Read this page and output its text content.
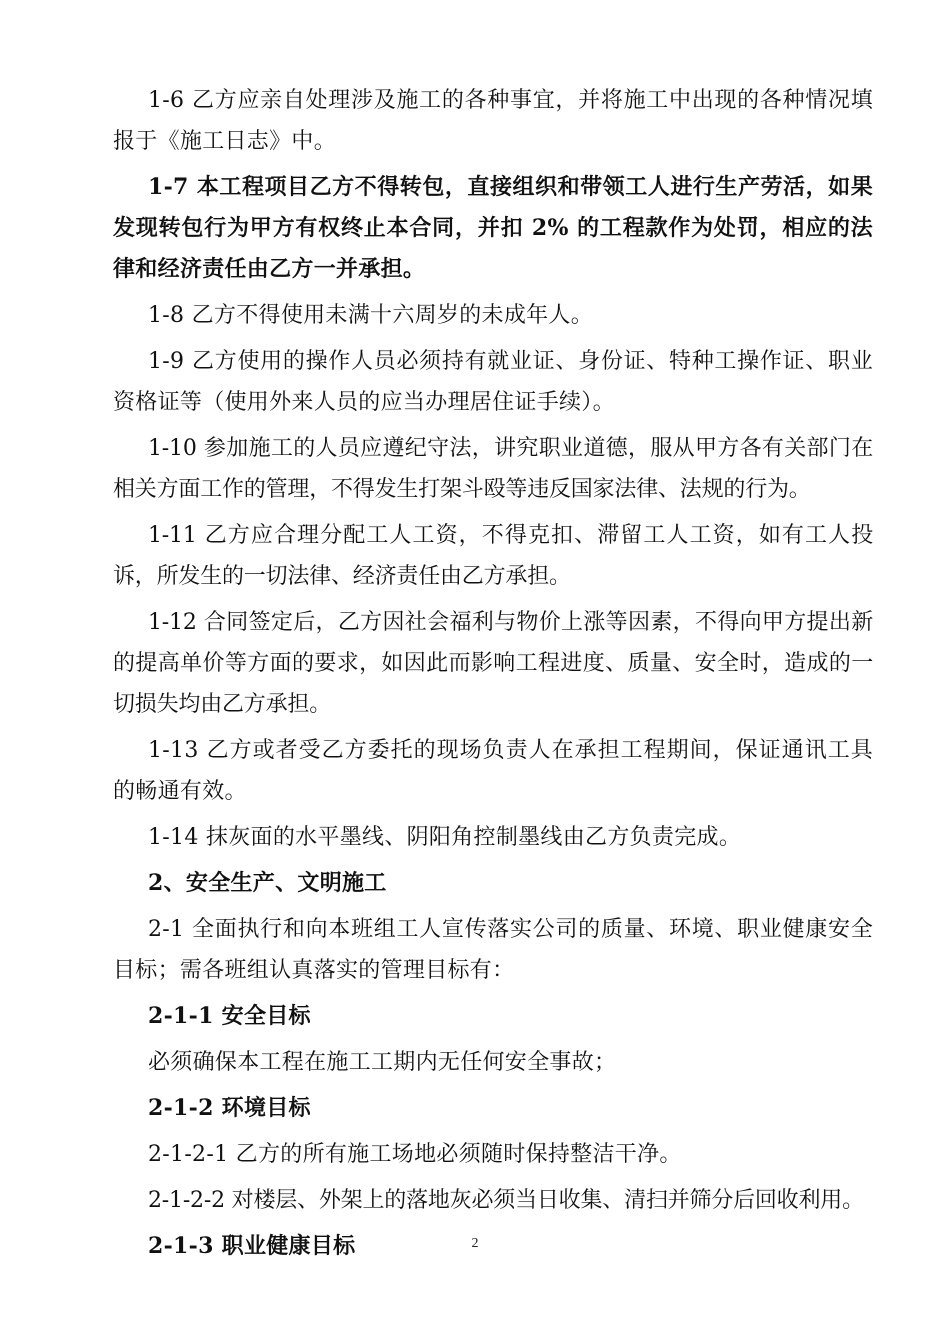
1-6 乙方应亲自处理涉及施工的各种事宜，并将施工中出现的各种情况填报于《施工日志》中。

1-7 本工程项目乙方不得转包，直接组织和带领工人进行生产劳活，如果发现转包行为甲方有权终止本合同，并扣 2% 的工程款作为处罚，相应的法律和经济责任由乙方一并承担。

1-8 乙方不得使用未满十六周岁的未成年人。

1-9 乙方使用的操作人员必须持有就业证、身份证、特种工操作证、职业资格证等（使用外来人员的应当办理居住证手续）。

1-10 参加施工的人员应遵纪守法，讲究职业道德，服从甲方各有关部门在相关方面工作的管理，不得发生打架斗殴等违反国家法律、法规的行为。

1-11 乙方应合理分配工人工资，不得克扣、滞留工人工资，如有工人投诉，所发生的一切法律、经济责任由乙方承担。

1-12 合同签定后，乙方因社会福利与物价上涨等因素，不得向甲方提出新的提高单价等方面的要求，如因此而影响工程进度、质量、安全时，造成的一切损失均由乙方承担。

1-13 乙方或者受乙方委托的现场负责人在承担工程期间，保证通讯工具的畅通有效。

1-14 抹灰面的水平墨线、阴阳角控制墨线由乙方负责完成。

2、安全生产、文明施工

2-1 全面执行和向本班组工人宣传落实公司的质量、环境、职业健康安全目标；需各班组认真落实的管理目标有：

2-1-1 安全目标

必须确保本工程在施工工期内无任何安全事故；

2-1-2 环境目标

2-1-2-1 乙方的所有施工场地必须随时保持整洁干净。

2-1-2-2 对楼层、外架上的落地灰必须当日收集、清扫并筛分后回收利用。

2-1-3 职业健康目标	2
